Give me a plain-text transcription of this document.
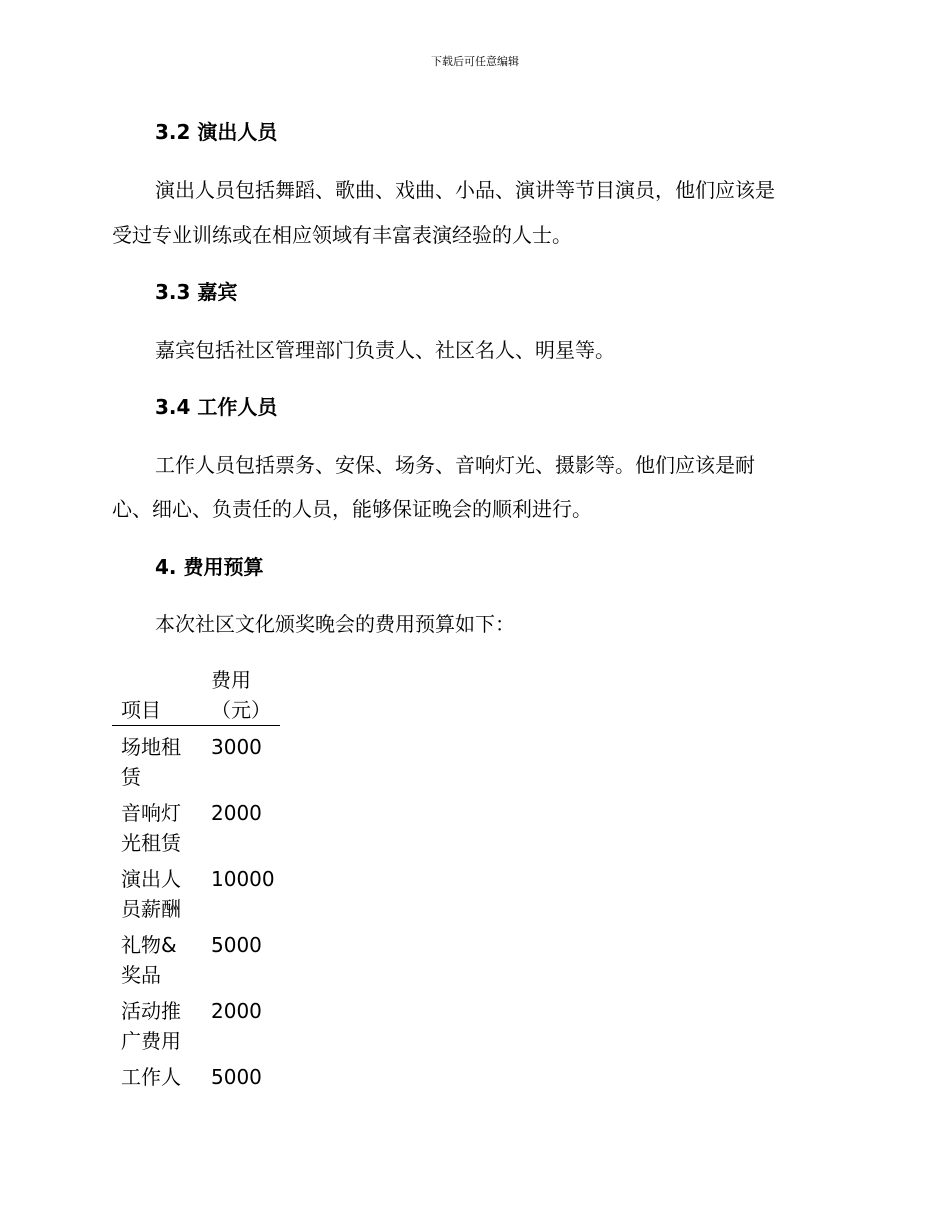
下载后可任意编辑
3.2 演出人员
演出人员包括舞蹈、歌曲、戏曲、小品、演讲等节目演员，他们应该是
受过专业训练或在相应领域有丰富表演经验的人士。
3.3 嘉宾
嘉宾包括社区管理部门负责人、社区名人、明星等。
3.4 工作人员
工作人员包括票务、安保、场务、音响灯光、摄影等。他们应该是耐
心、细心、负责任的人员，能够保证晚会的顺利进行。
4. 费用预算
本次社区文化颁奖晚会的费用预算如下：
项目	费用（元）

场地租赁	3000

音响灯光租赁	2000

演出人员薪酬	10000

礼物&奖品	5000

活动推广费用	2000

工作人	5000
